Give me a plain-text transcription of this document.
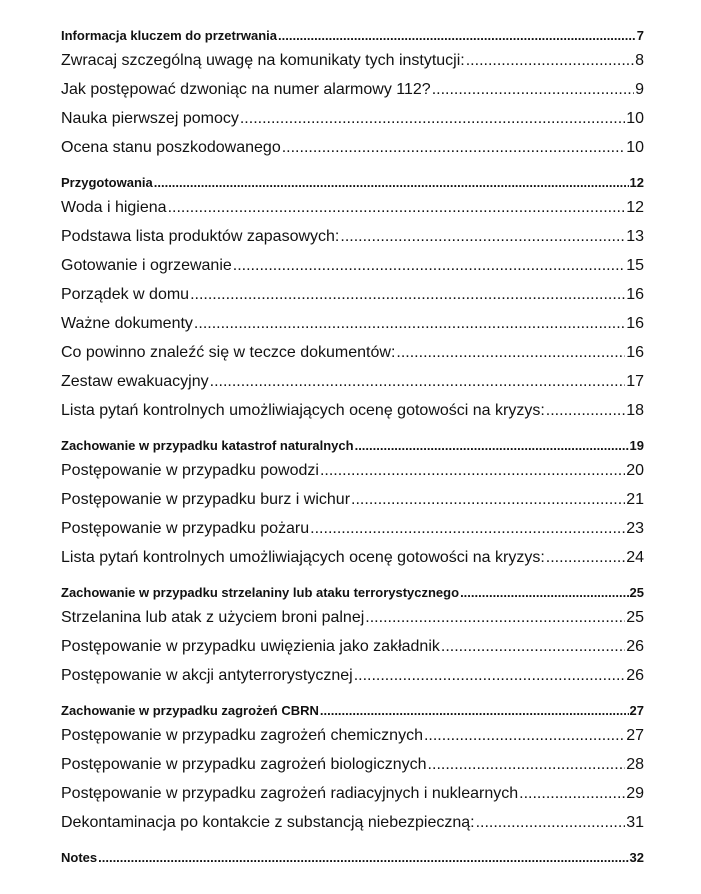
Informacja kluczem do przetrwania .....	7
Zwracaj szczególną uwagę na komunikaty tych instytucji: .....	8
Jak postępować dzwoniąc na numer alarmowy 112? .....	9
Nauka pierwszej pomocy .....	10
Ocena stanu poszkodowanego .....	10
Przygotowania .....	12
Woda i higiena .....	12
Podstawa lista produktów zapasowych: .....	13
Gotowanie i ogrzewanie .....	15
Porządek w domu .....	16
Ważne dokumenty .....	16
Co powinno znaleźć się w teczce dokumentów: .....	16
Zestaw ewakuacyjny .....	17
Lista pytań kontrolnych umożliwiających ocenę gotowości na kryzys: .....	18
Zachowanie w przypadku katastrof naturalnych .....	19
Postępowanie w przypadku powodzi .....	20
Postępowanie w przypadku burz i wichur .....	21
Postępowanie w przypadku pożaru .....	23
Lista pytań kontrolnych umożliwiających ocenę gotowości na kryzys: .....	24
Zachowanie w przypadku strzelaniny lub ataku terrorystycznego .....	25
Strzelanina lub atak z użyciem broni palnej .....	25
Postępowanie w przypadku uwięzienia jako zakładnik .....	26
Postępowanie w akcji antyterrorystycznej .....	26
Zachowanie w przypadku zagrożeń CBRN .....	27
Postępowanie w przypadku zagrożeń chemicznych .....	27
Postępowanie w przypadku zagrożeń biologicznych .....	28
Postępowanie w przypadku zagrożeń radiacyjnych i nuklearnych .....	29
Dekontaminacja po kontakcie z substancją niebezpieczną: .....	31
Notes .....	32
